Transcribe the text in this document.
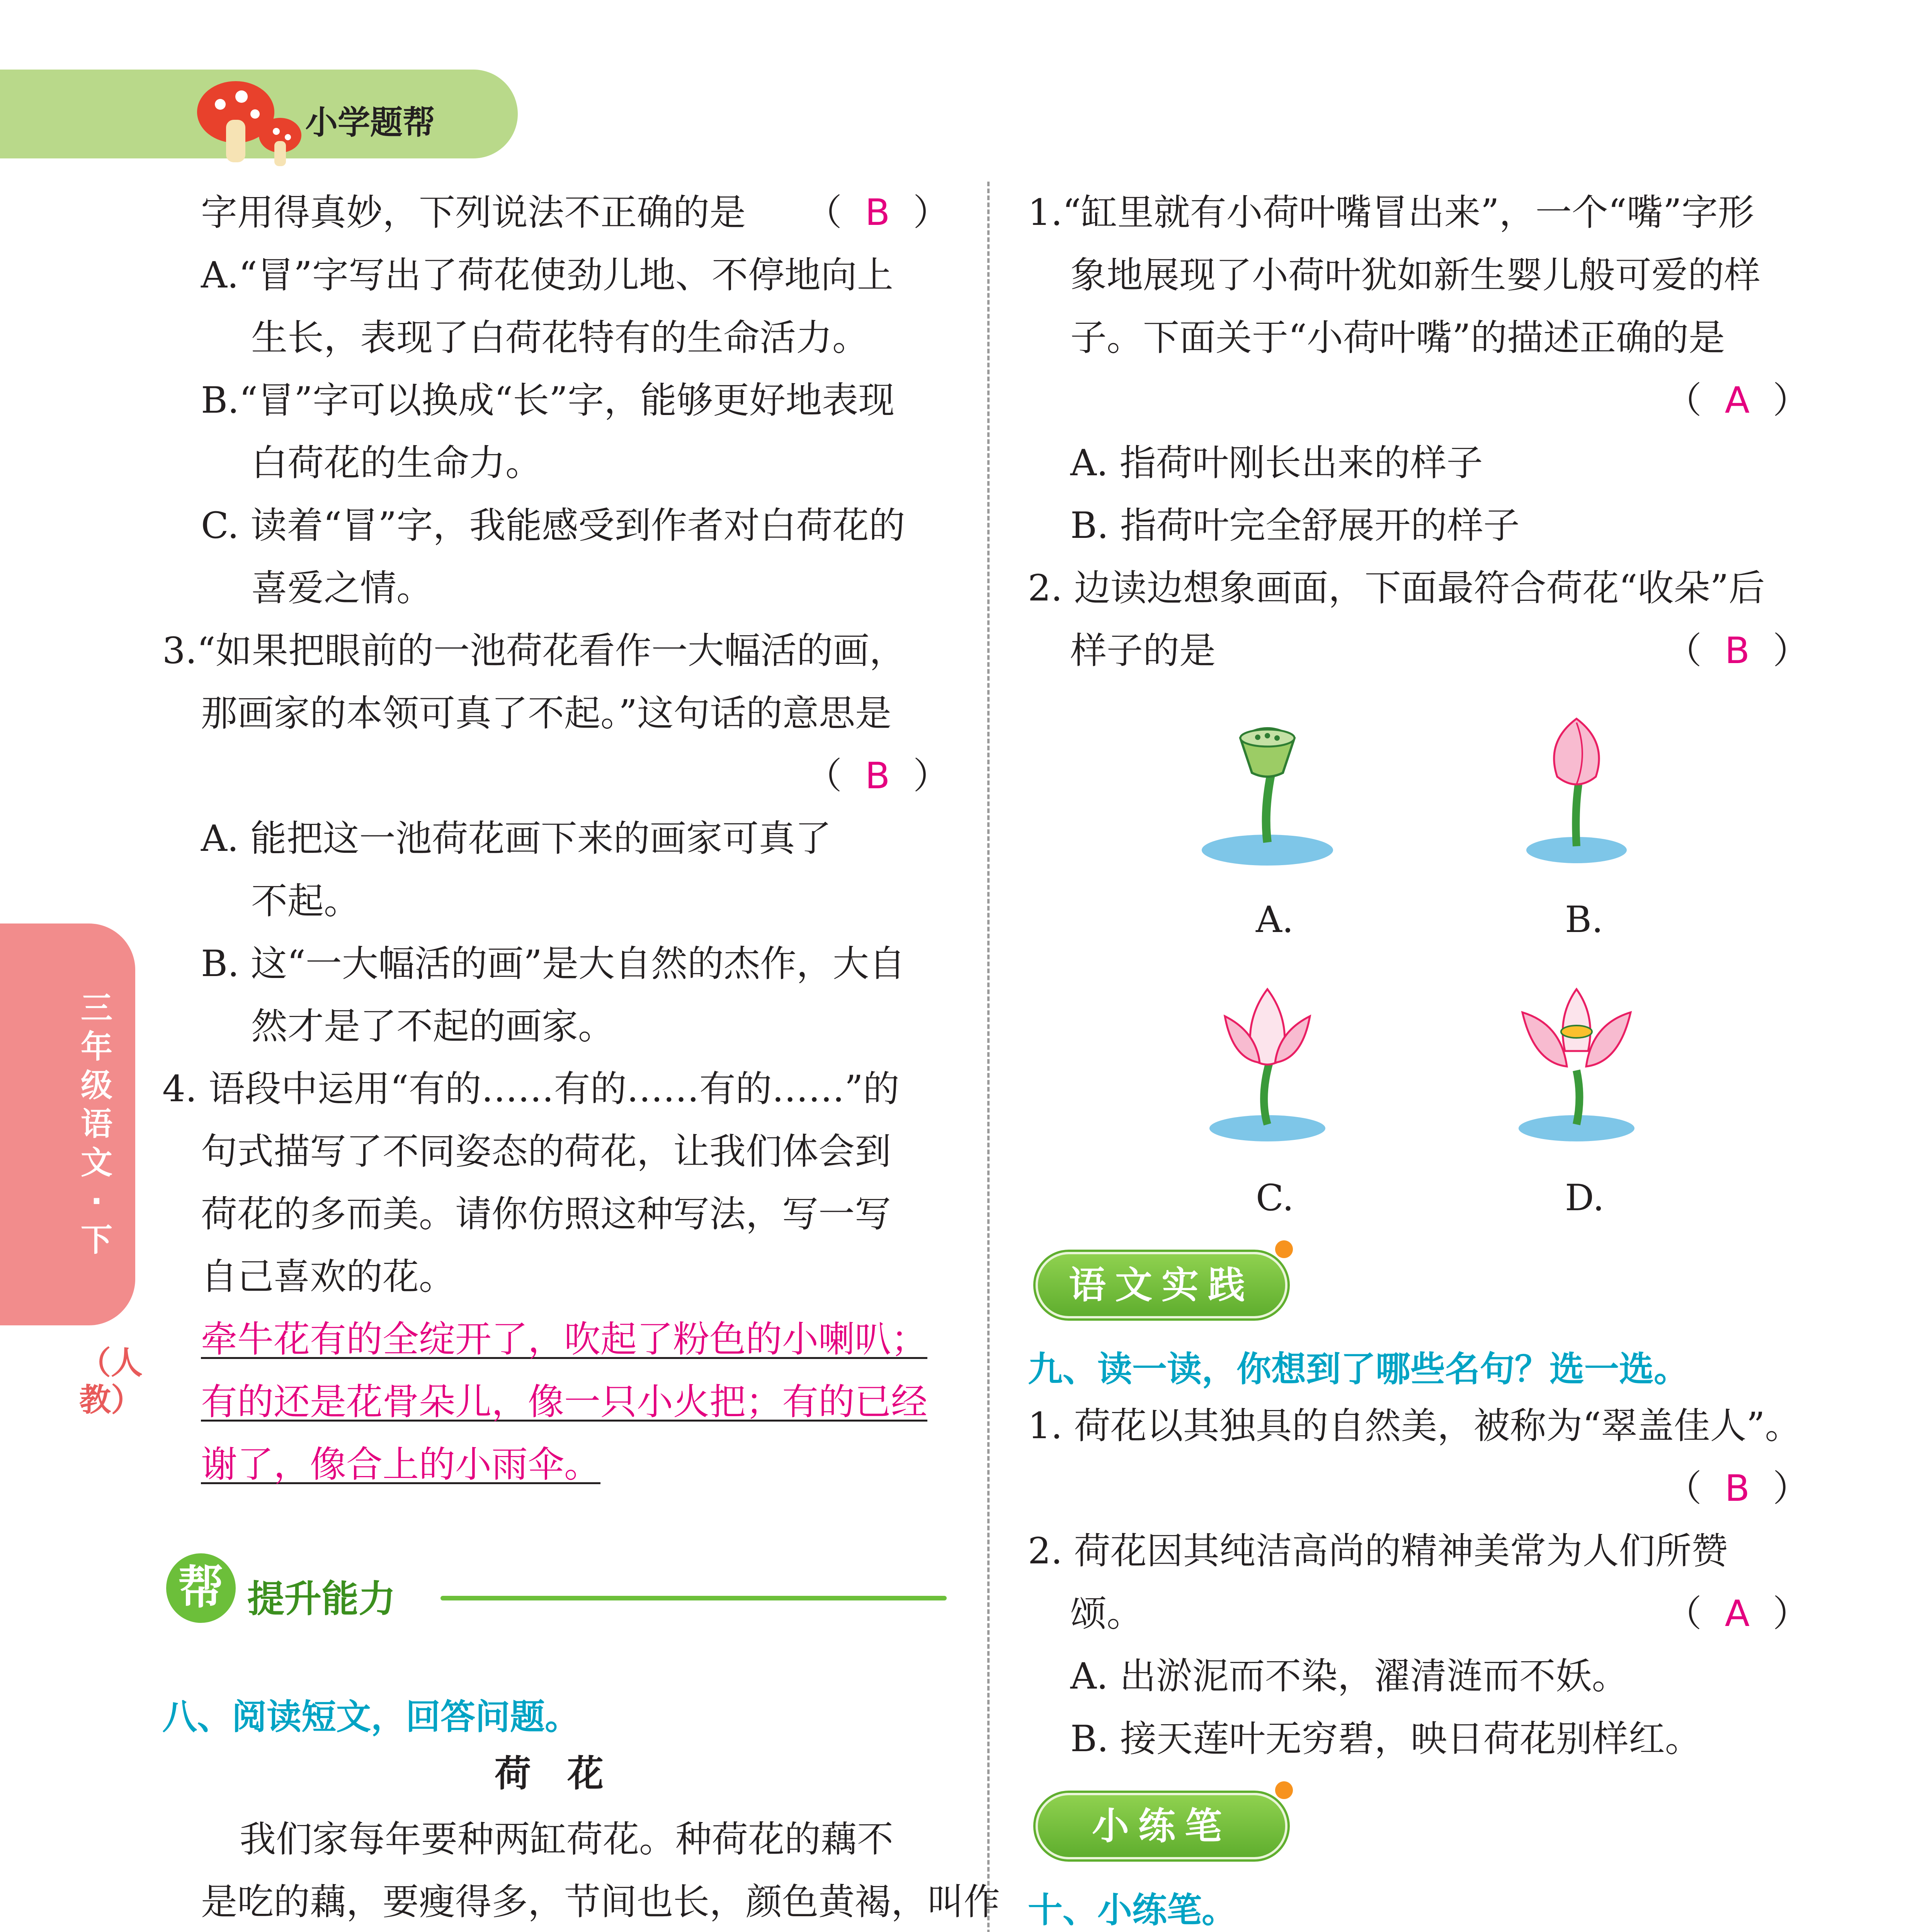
小学题帮
三年级语文·下
（人教）
字用得真妙，下列说法不正确的是 （  B  ）
A.“冒”字写出了荷花使劲儿地、不停地向上
生长，表现了白荷花特有的生命活力。
B.“冒”字可以换成“长”字，能够更好地表现
白荷花的生命力。
C. 读着“冒”字，我能感受到作者对白荷花的
喜爱之情。
3.“如果把眼前的一池荷花看作一大幅活的画，
那画家的本领可真了不起。”这句话的意思是
（  B  ）
A. 能把这一池荷花画下来的画家可真了
不起。
B. 这“一大幅活的画”是大自然的杰作，大自
然才是了不起的画家。
4. 语段中运用“有的……有的……有的……”的
句式描写了不同姿态的荷花，让我们体会到
荷花的多而美。请你仿照这种写法，写一写
自己喜欢的花。
牵牛花有的全绽开了，吹起了粉色的小喇叭；
有的还是花骨朵儿，像一只小火把；有的已经
谢了，像合上的小雨伞。
帮 提升能力
八、阅读短文，回答问题。
荷　花
我们家每年要种两缸荷花。种荷花的藕不
是吃的藕，要瘦得多，节间也长，颜色黄褐，叫作
1.“缸里就有小荷叶嘴冒出来”，一个“嘴”字形
象地展现了小荷叶犹如新生婴儿般可爱的样
子。下面关于“小荷叶嘴”的描述正确的是
（  A  ）
A. 指荷叶刚长出来的样子
B. 指荷叶完全舒展开的样子
2. 边读边想象画面，下面最符合荷花“收朵”后
样子的是	（  B  ）
A.	B.
C.	D.
语文实践
九、读一读，你想到了哪些名句？选一选。
1. 荷花以其独具的自然美，被称为“翠盖佳人”。
（  B  ）
2. 荷花因其纯洁高尚的精神美常为人们所赞
颂。	（  A  ）
A. 出淤泥而不染，濯清涟而不妖。
B. 接天莲叶无穷碧，映日荷花别样红。
小练笔
十、小练笔。
